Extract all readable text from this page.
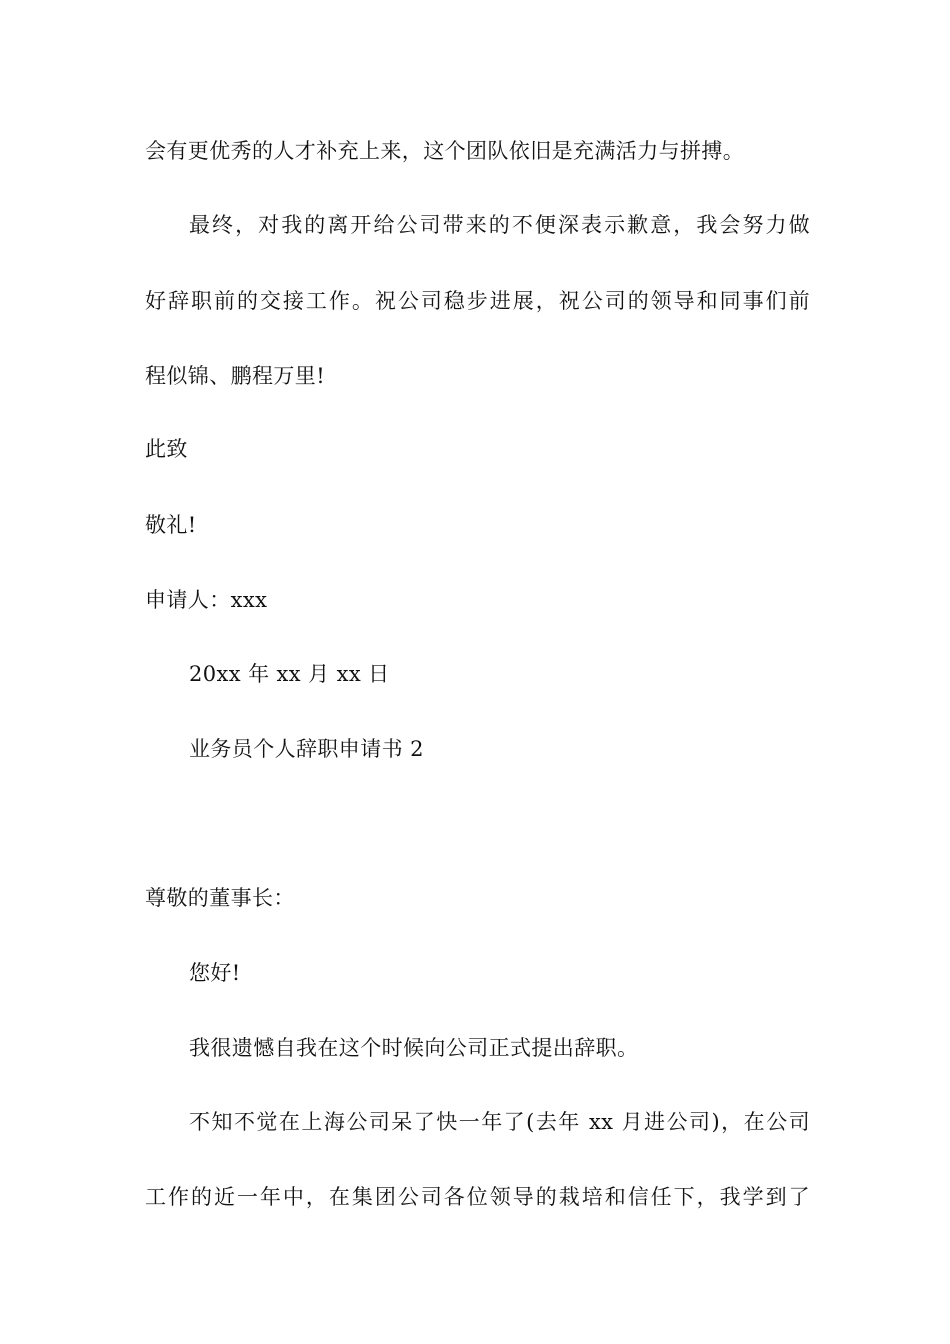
会有更优秀的人才补充上来，这个团队依旧是充满活力与拼搏。

最终，对我的离开给公司带来的不便深表示歉意，我会努力做

好辞职前的交接工作。祝公司稳步进展，祝公司的领导和同事们前

程似锦、鹏程万里!

此致

敬礼!

申请人：xxx

20xx 年 xx 月 xx 日

业务员个人辞职申请书 2

尊敬的董事长：

您好!

我很遗憾自我在这个时候向公司正式提出辞职。

不知不觉在上海公司呆了快一年了(去年 xx 月进公司)，在公司

工作的近一年中，在集团公司各位领导的栽培和信任下，我学到了
